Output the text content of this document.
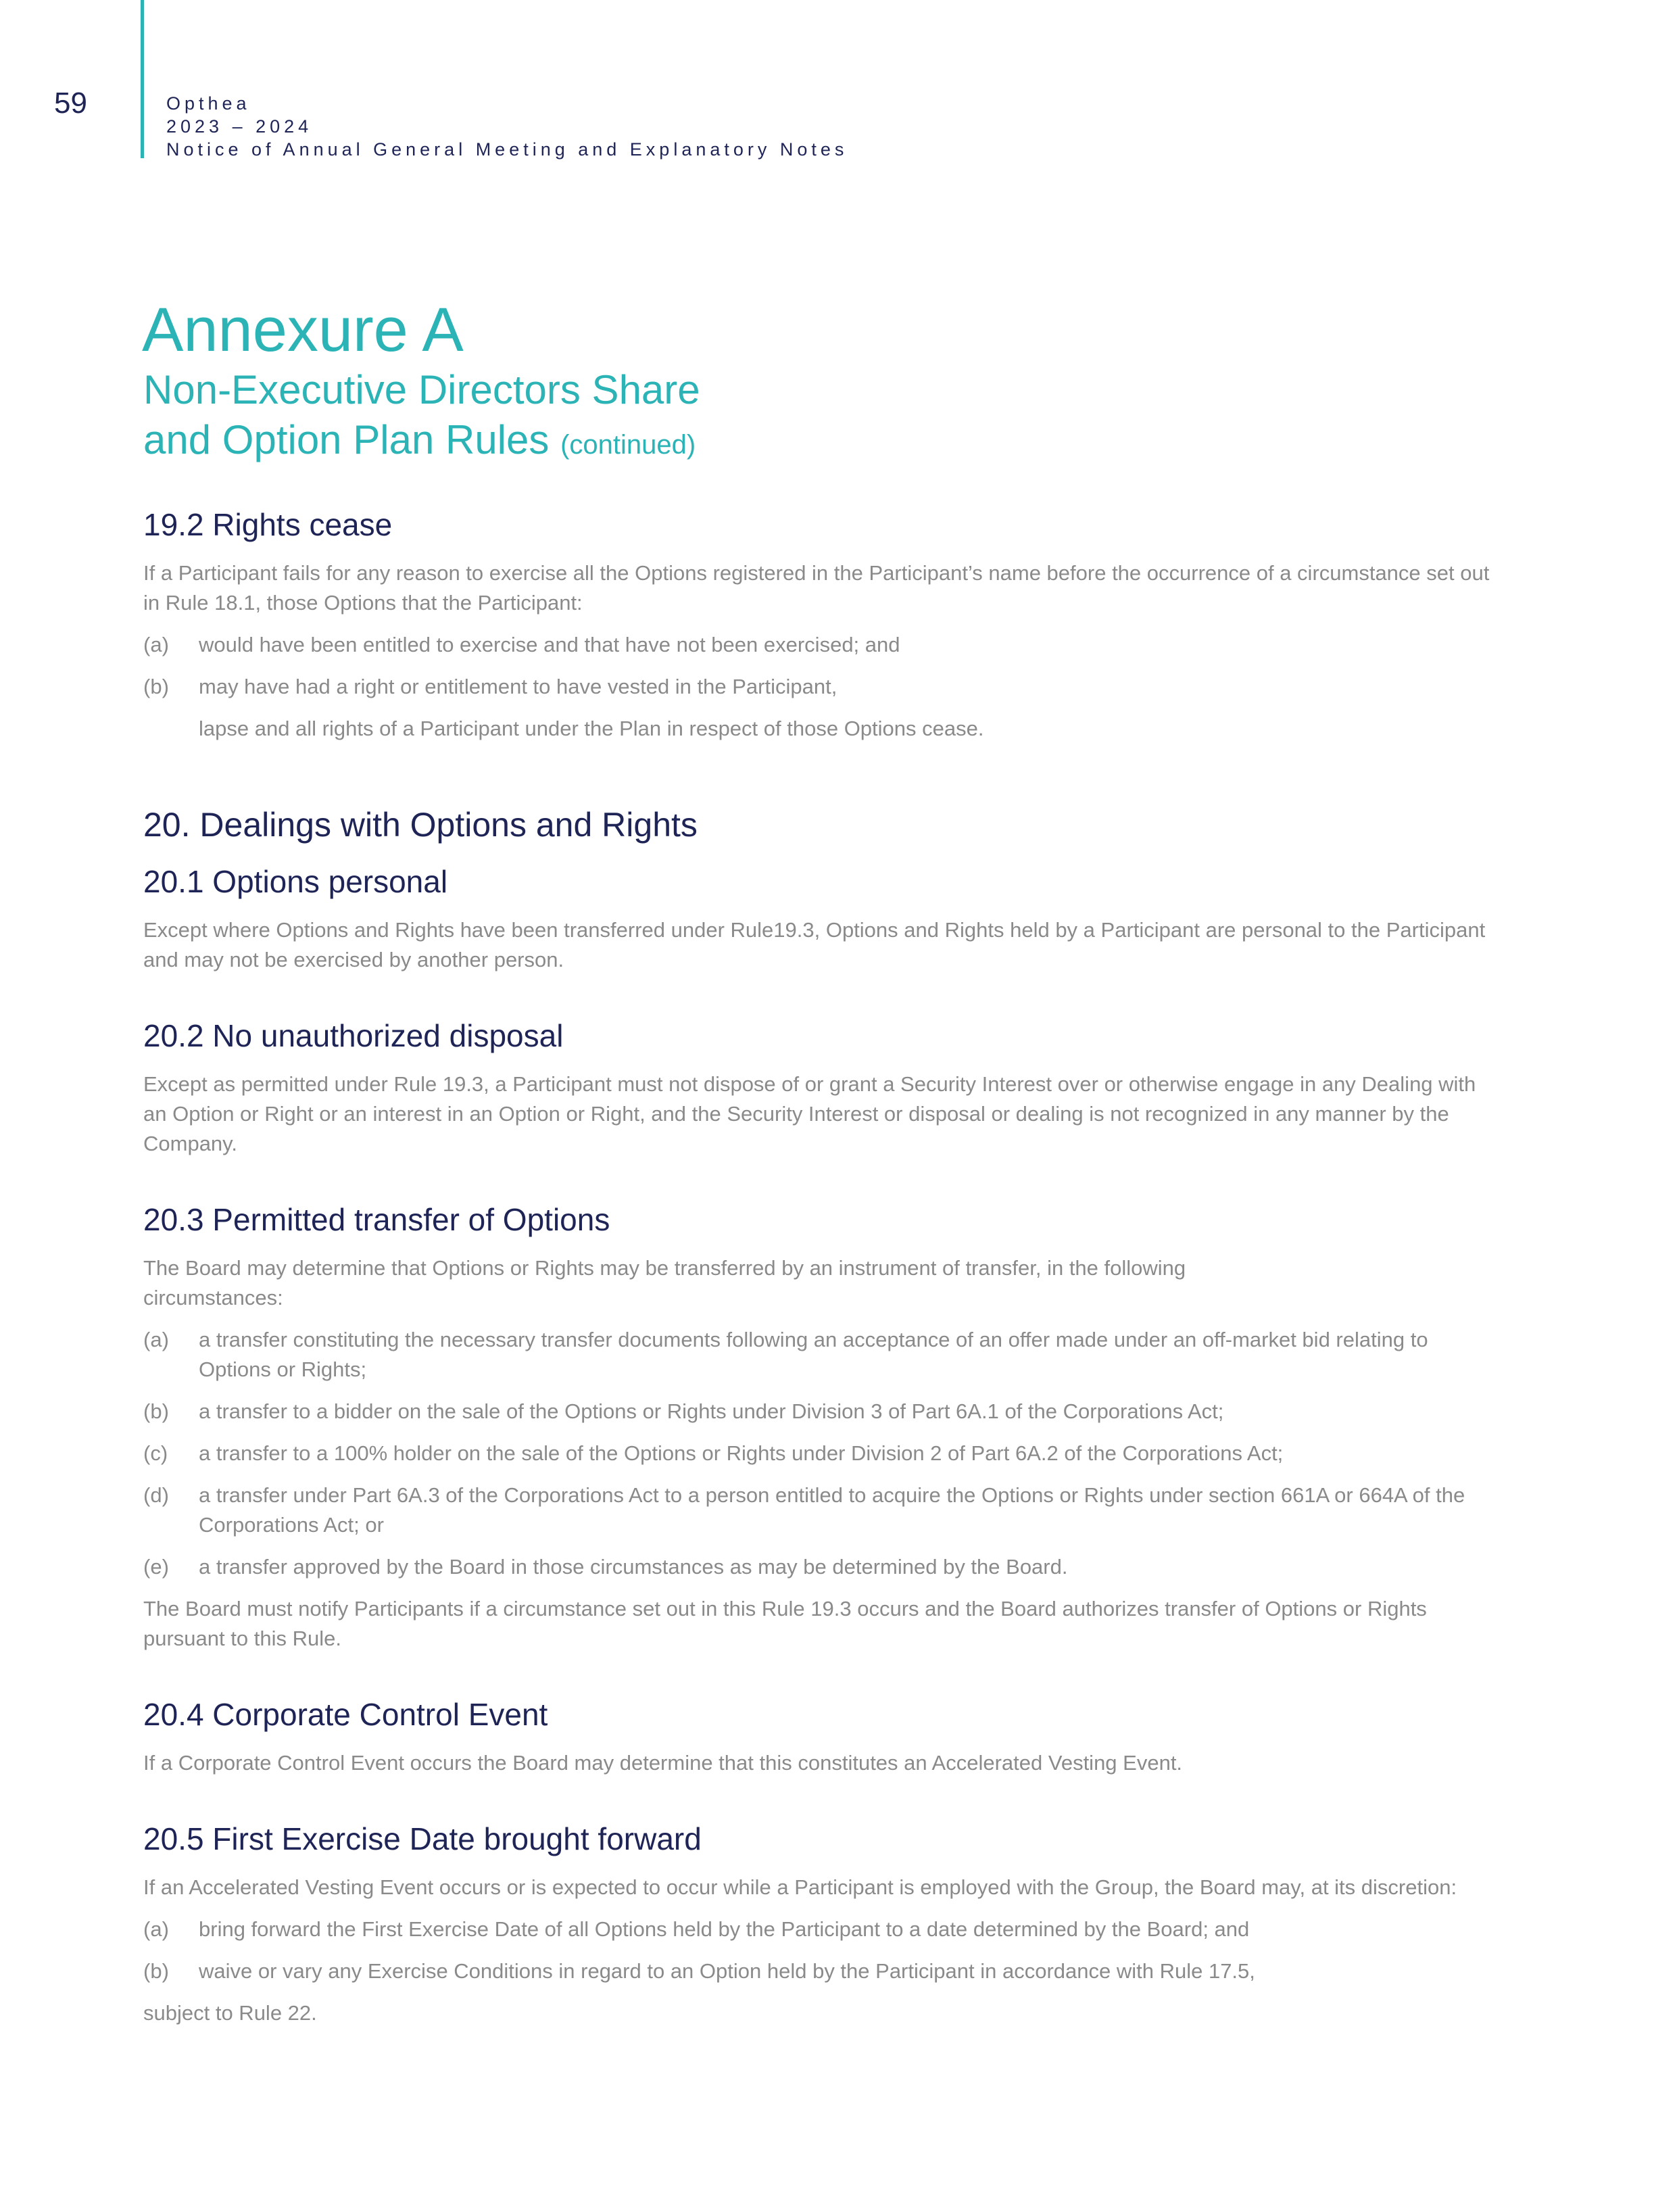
59	Opthea
2023 – 2024
Notice of Annual General Meeting and Explanatory Notes
Annexure A
Non-Executive Directors Share
and Option Plan Rules (continued)
19.2 Rights cease

If a Participant fails for any reason to exercise all the Options registered in the Participant’s name before the occurrence of a circumstance set out in Rule 18.1, those Options that the Participant:

(a) would have been entitled to exercise and that have not been exercised; and
(b) may have had a right or entitlement to have vested in the Participant,
lapse and all rights of a Participant under the Plan in respect of those Options cease.
20. Dealings with Options and Rights
20.1 Options personal

Except where Options and Rights have been transferred under Rule19.3, Options and Rights held by a Participant are personal to the Participant and may not be exercised by another person.

20.2 No unauthorized disposal

Except as permitted under Rule 19.3, a Participant must not dispose of or grant a Security Interest over or otherwise engage in any Dealing with an Option or Right or an interest in an Option or Right, and the Security Interest or disposal or dealing is not recognized in any manner by the Company.

20.3 Permitted transfer of Options

The Board may determine that Options or Rights may be transferred by an instrument of transfer, in the following circumstances:

(a) a transfer constituting the necessary transfer documents following an acceptance of an offer made under an off-market bid relating to Options or Rights;
(b) a transfer to a bidder on the sale of the Options or Rights under Division 3 of Part 6A.1 of the Corporations Act;
(c) a transfer to a 100% holder on the sale of the Options or Rights under Division 2 of Part 6A.2 of the Corporations Act;
(d) a transfer under Part 6A.3 of the Corporations Act to a person entitled to acquire the Options or Rights under section 661A or 664A of the Corporations Act; or
(e) a transfer approved by the Board in those circumstances as may be determined by the Board.

The Board must notify Participants if a circumstance set out in this Rule 19.3 occurs and the Board authorizes transfer of Options or Rights pursuant to this Rule.

20.4 Corporate Control Event

If a Corporate Control Event occurs the Board may determine that this constitutes an Accelerated Vesting Event.

20.5 First Exercise Date brought forward

If an Accelerated Vesting Event occurs or is expected to occur while a Participant is employed with the Group, the Board may, at its discretion:

(a) bring forward the First Exercise Date of all Options held by the Participant to a date determined by the Board; and
(b) waive or vary any Exercise Conditions in regard to an Option held by the Participant in accordance with Rule 17.5,

subject to Rule 22.
